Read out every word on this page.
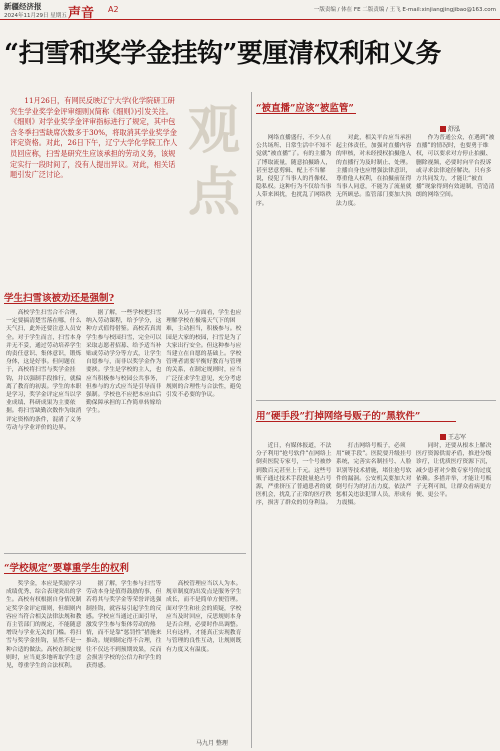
新疆经济报
2024年11月29日 星期五 声音 A2	一版责编 / 体在 FE 二版责编 / 王飞 E-mail:xinjiangjingjibao@163.com
“扫雪和奖学金挂钩”要厘清权利和义务
观
点
11月26日，有网民反映辽宁大学(化学院研工研究生学业奖学金评审细则)(简称《细则》)引发关注。《细则》对学业奖学金评审指标进行了规定，其中包含冬季扫雪缺席次数多于30%，将取消其学业奖学金评定资格。对此，26日下午，辽宁大学化学院工作人员回应称，扫雪是研究生应该承担的劳动义务，该规定实行一段时间了，没有人提出异议。对此，相关话题引发广泛讨论。
学生扫雪该被劝还是强制?

高校学生扫雪合不合理，一定要搞清楚雪落在哪，什么天气扫，此外还要注意人员安全。对于学生而言，扫雪本身并无不妥，通过劳动培养学生的责任意识、集体意识，锻炼身体，这是好事。但问题在于，高校将扫雪与奖学金挂钩，并以强制手段推行，就偏离了教育的初衷。学生的本职是学习，奖学金评定应当以学业成绩、科研成果为主要依据。将扫雪缺勤次数作为取消评定资格的条件，混淆了义务劳动与学业评价的边界。

据了解，一些学校把扫雪纳入劳动课程，给予学分，这种方式值得借鉴。高校若真需学生参与校园扫雪，完全可以采取志愿者招募、给予适当补贴或劳动学分等方式，让学生自愿参与，而非以奖学金作为要挟。学生是学校的主人，也应当积极参与校园公共事务，但参与的方式应当是引导而非强制。学校也不应把本应由后勤保障承担的工作简单转嫁给学生。

从另一方面看，学生也应理解学校在极端天气下的困难，主动担当，积极参与。校园是大家的校园，扫雪是为了大家出行安全。但这种参与应当建立在自愿的基础上。学校管理者需要平衡好教育与管理的关系，在制定规则时，应当广泛征求学生意见，充分考虑规则的合理性与合法性，避免引发不必要的争议。

“学校规定”要尊重学生的权利

奖学金，本应是奖励学习成绩优秀、综合表现突出的学生。高校有权根据自身情况制定奖学金评定细则，但细则内容应当符合相关法律法规和教育主管部门的规定，不能随意增设与学业无关的门槛。将扫雪与奖学金挂钩，显然不是一种合适的做法。高校在制定规则时，应当更多地听取学生意见，尊重学生的合法权利。

据了解，学生参与扫雪等劳动本身是值得鼓励的事，但若将其与奖学金等荣誉评选强制挂钩，就容易引起学生的反感。学校应当通过正面引导，激发学生参与集体劳动的热情，而不是靠“惩罚性”措施来推动。规则制定得不合理，往往不仅达不到预期效果，反而会损害学校的公信力和学生的获得感。

高校管理应当以人为本。规章制度的出发点是服务学生成长，而不是简单方便管理。面对学生和社会的质疑，学校应当及时回应，反思规则本身是否合理，必要时作出调整。只有这样，才能真正实现教育与管理的良性互动，让规则既有力度又有温度。

马九月 整理
“被直播”应该“被监管”
舒泓

网络直播盛行，不少人在公共场所、日常生活中不知不觉就“被直播”了。有的主播为了博取流量，随意拍摄路人，甚至恶意剪辑、配上不当解说，侵犯了当事人的肖像权、隐私权。这种行为不仅给当事人带来困扰，也扰乱了网络秩序。

对此，相关平台应当承担起主体责任，加强对直播内容的审核，对未经授权拍摄他人的直播行为及时制止、处理。主播自身也应增强法律意识，尊重他人权利，在拍摄前征得当事人同意，不能为了流量就无所顾忌。监管部门要加大执法力度。

作为普通公众，在遇到“被直播”的情况时，也要勇于维权，可以要求对方停止拍摄、删除视频，必要时向平台投诉或寻求法律途径解决。只有多方共同发力，才能让“被直播”现象得到有效遏制，营造清朗的网络空间。

用“硬手段”打掉网络号贩子的“黑软件”
王志军

近日，有媒体报道，不法分子利用“抢号软件”在网络上倒卖医院专家号，一个号被炒到数百元甚至上千元。这些号贩子通过技术手段批量抢占号源，严重挤压了普通患者的就医机会，扰乱了正常的医疗秩序，损害了群众的切身利益。

打击网络号贩子，必须用“硬手段”。医院要升级挂号系统，完善实名制挂号、人脸识别等技术措施，堵住抢号软件的漏洞。公安机关要加大对倒号行为的打击力度，依法严惩相关违法犯罪人员，形成有力震慑。

同时，还要从根本上解决医疗资源供需矛盾，推进分级诊疗，让优质医疗资源下沉，减少患者对少数专家号的过度依赖。多措并举，才能让号贩子无利可图，让群众看病更方便、更公平。
